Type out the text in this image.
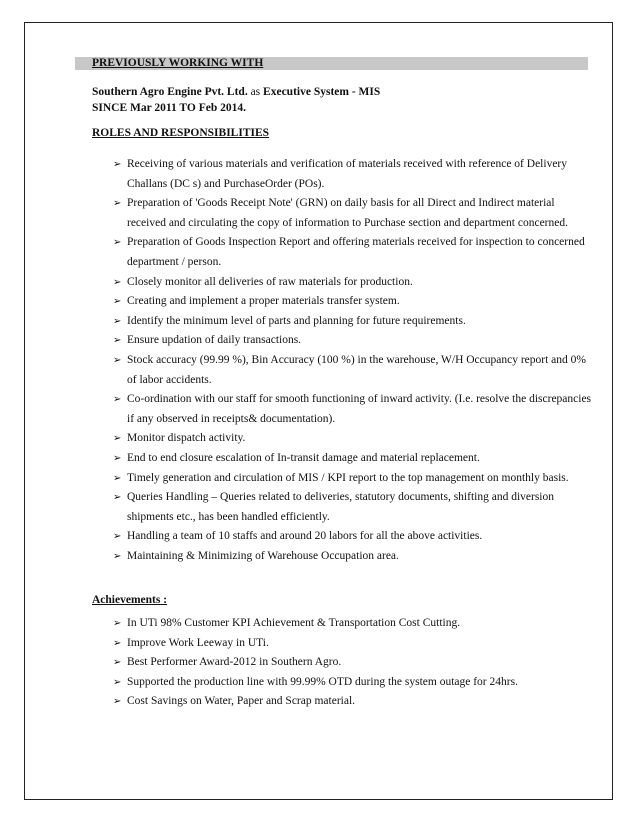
PREVIOUSLY WORKING WITH
Southern Agro Engine Pvt. Ltd. as Executive System - MIS
SINCE Mar 2011 TO Feb 2014.
ROLES AND RESPONSIBILITIES
➢ Receiving of various materials and verification of materials received with reference of Delivery Challans (DC s) and PurchaseOrder (POs).
➢ Preparation of 'Goods Receipt Note' (GRN) on daily basis for all Direct and Indirect material received and circulating the copy of information to Purchase section and department concerned.
➢ Preparation of Goods Inspection Report and offering materials received for inspection to concerned department / person.
➢ Closely monitor all deliveries of raw materials for production.
➢ Creating and implement a proper materials transfer system.
➢ Identify the minimum level of parts and planning for future requirements.
➢ Ensure updation of daily transactions.
➢ Stock accuracy (99.99 %), Bin Accuracy (100 %) in the warehouse, W/H Occupancy report and 0% of labor accidents.
➢ Co-ordination with our staff for smooth functioning of inward activity. (I.e. resolve the discrepancies if any observed in receipts& documentation).
➢ Monitor dispatch activity.
➢ End to end closure escalation of In-transit damage and material replacement.
➢ Timely generation and circulation of MIS / KPI report to the top management on monthly basis.
➢ Queries Handling – Queries related to deliveries, statutory documents, shifting and diversion shipments etc., has been handled efficiently.
➢ Handling a team of 10 staffs and around 20 labors for all the above activities.
➢ Maintaining & Minimizing of Warehouse Occupation area.
Achievements :
➢ In UTi 98% Customer KPI Achievement & Transportation Cost Cutting.
➢ Improve Work Leeway in UTi.
➢ Best Performer Award-2012 in Southern Agro.
➢ Supported the production line with 99.99% OTD during the system outage for 24hrs.
➢ Cost Savings on Water, Paper and Scrap material.
